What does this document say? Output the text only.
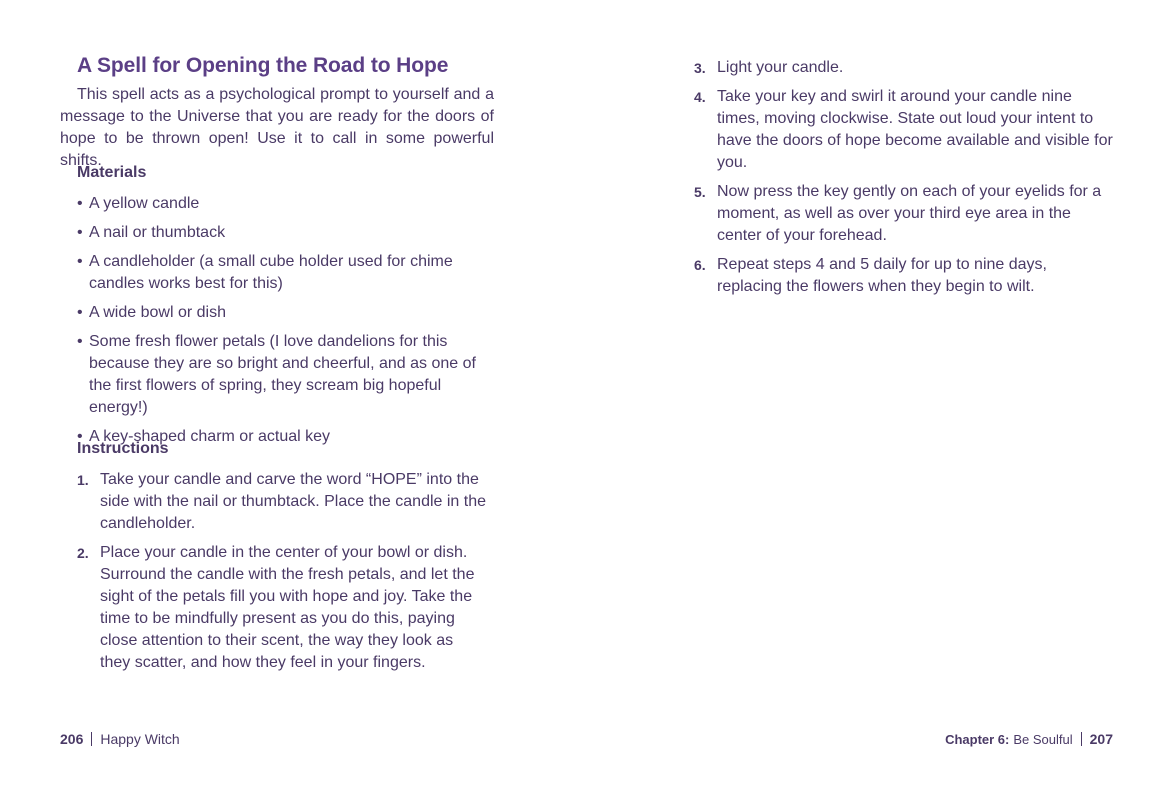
A Spell for Opening the Road to Hope

This spell acts as a psychological prompt to yourself and a message to the Universe that you are ready for the doors of hope to be thrown open! Use it to call in some powerful shifts.

Materials
• A yellow candle
• A nail or thumbtack
• A candleholder (a small cube holder used for chime candles works best for this)
• A wide bowl or dish
• Some fresh flower petals (I love dandelions for this because they are so bright and cheerful, and as one of the first flowers of spring, they scream big hopeful energy!)
• A key-shaped charm or actual key
Instructions
1. Take your candle and carve the word “HOPE” into the side with the nail or thumbtack. Place the candle in the candleholder.
2. Place your candle in the center of your bowl or dish. Surround the candle with the fresh petals, and let the sight of the petals fill you with hope and joy. Take the time to be mindfully present as you do this, paying close attention to their scent, the way they look as they scatter, and how they feel in your fingers.
206 Happy Witch
3. Light your candle.
4. Take your key and swirl it around your candle nine times, moving clockwise. State out loud your intent to have the doors of hope become available and visible for you.
5. Now press the key gently on each of your eyelids for a moment, as well as over your third eye area in the center of your forehead.
6. Repeat steps 4 and 5 daily for up to nine days, replacing the flowers when they begin to wilt.
Chapter 6: Be Soulful 207
